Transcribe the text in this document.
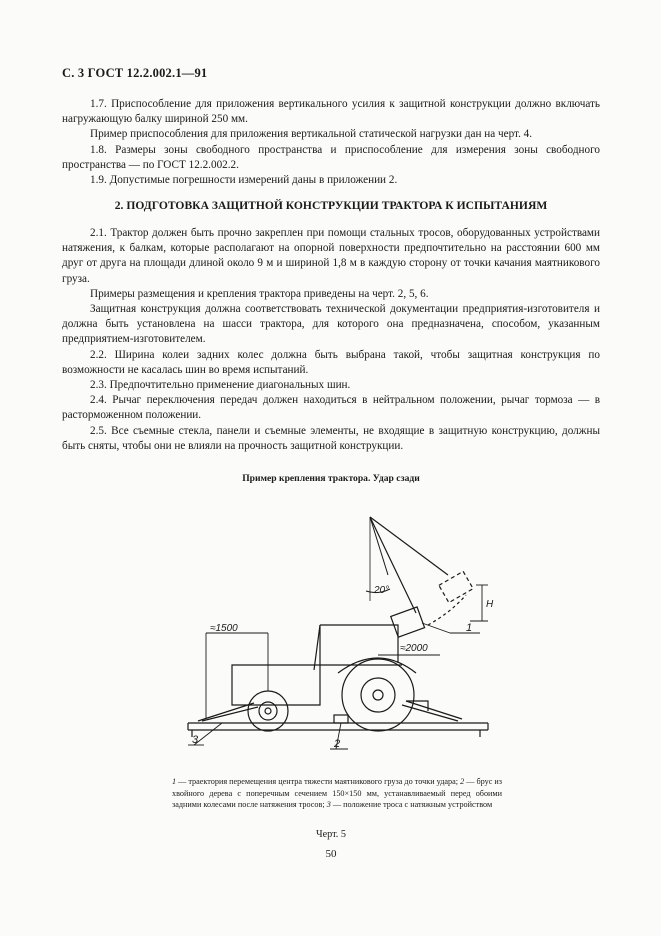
С. 3 ГОСТ 12.2.002.1—91

1.7. Приспособление для приложения вертикального усилия к защитной конструкции должно включать нагружающую балку шириной 250 мм.

Пример приспособления для приложения вертикальной статической нагрузки дан на черт. 4.

1.8. Размеры зоны свободного пространства и приспособление для измерения зоны свободного пространства — по ГОСТ 12.2.002.2.

1.9. Допустимые погрешности измерений даны в приложении 2.

2. ПОДГОТОВКА ЗАЩИТНОЙ КОНСТРУКЦИИ ТРАКТОРА К ИСПЫТАНИЯМ

2.1. Трактор должен быть прочно закреплен при помощи стальных тросов, оборудованных устройствами натяжения, к балкам, которые располагают на опорной поверхности предпочтительно на расстоянии 600 мм друг от друга на площади длиной около 9 м и шириной 1,8 м в каждую сторону от точки качания маятникового груза.

Примеры размещения и крепления трактора приведены на черт. 2, 5, 6.

Защитная конструкция должна соответствовать технической документации предприятия-изготовителя и должна быть установлена на шасси трактора, для которого она предназначена, способом, указанным предприятием-изготовителем.

2.2. Ширина колеи задних колес должна быть выбрана такой, чтобы защитная конструкция по возможности не касалась шин во время испытаний.

2.3. Предпочтительно применение диагональных шин.

2.4. Рычаг переключения передач должен находиться в нейтральном положении, рычаг тормоза — в расторможенном положении.

2.5. Все съемные стекла, панели и съемные элементы, не входящие в защитную конструкцию, должны быть сняты, чтобы они не влияли на прочность защитной конструкции.

Пример крепления трактора. Удар сзади
≈1500
≈2000
20°
H
1
2
3
1 — траектория перемещения центра тяжести маятникового груза до точки удара; 2 — брус из хвойного дерева с поперечным сечением 150×150 мм, устанавливаемый перед обоими задними колесами после натяжения тросов; 3 — положение троса с натяжным устройством
Черт. 5
50
